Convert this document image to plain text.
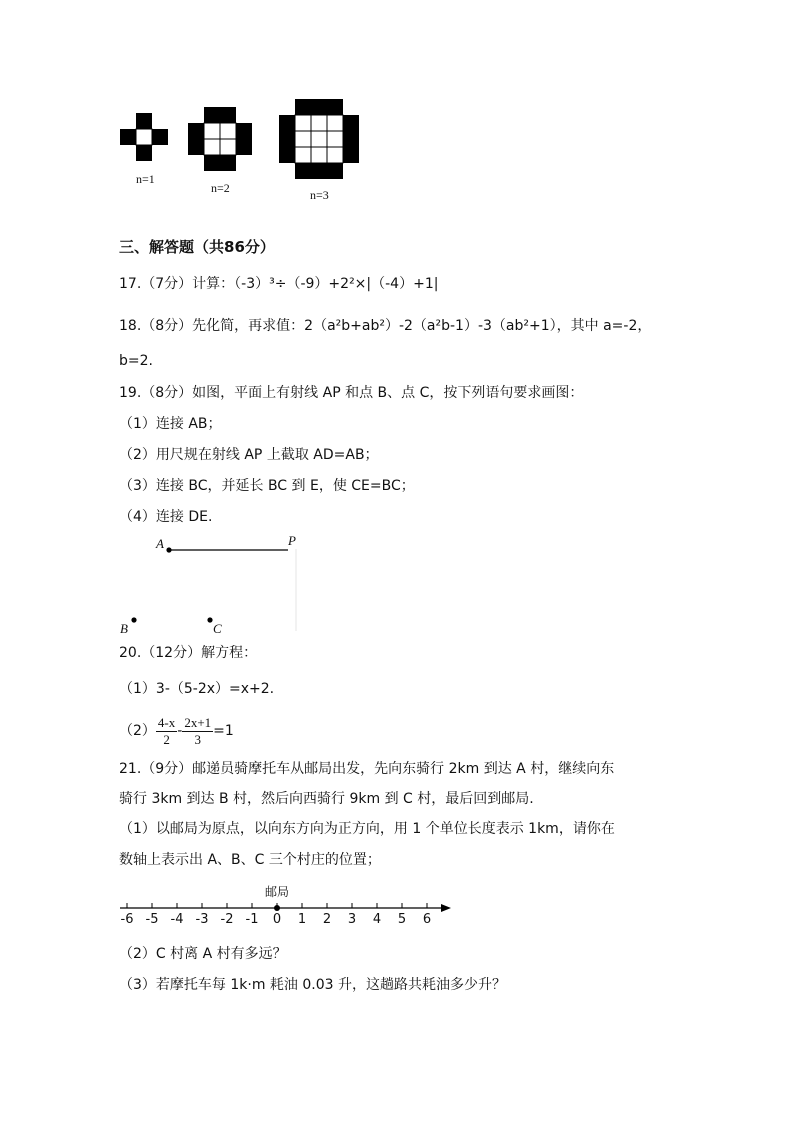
n=1
n=2	n=3
三、解答题（共86分）
17.（7分）计算：（-3）³÷（-9）+2²×|（-4）+1|
18.（8分）先化简，再求值：2（a²b+ab²）-2（a²b-1）-3（ab²+1），其中 a=-2，
b=2.
19.（8分）如图，平面上有射线 AP 和点 B、点 C，按下列语句要求画图：
（1）连接 AB；
（2）用尺规在射线 AP 上截取 AD=AB；
（3）连接 BC，并延长 BC 到 E，使 CE=BC；
（4）连接 DE.
A	P
B	C
20.（12分）解方程：
（1）3-（5-2x）=x+2.
$(2) \frac{4-x}{2} - \frac{2x+1}{3} =1$
21.（9分）邮递员骑摩托车从邮局出发，先向东骑行 2km 到达 A 村，继续向东
骑行 3km 到达 B 村，然后向西骑行 9km 到 C 村，最后回到邮局.
（1）以邮局为原点，以向东方向为正方向，用 1 个单位长度表示 1km，请你在
数轴上表示出 A、B、C 三个村庄的位置；
邮局
-6 -5 -4 -3 -2 -1 0 1 2 3 4 5 6
（2）C 村离 A 村有多远？
（3）若摩托车每 1k·m 耗油 0.03 升，这趟路共耗油多少升？
